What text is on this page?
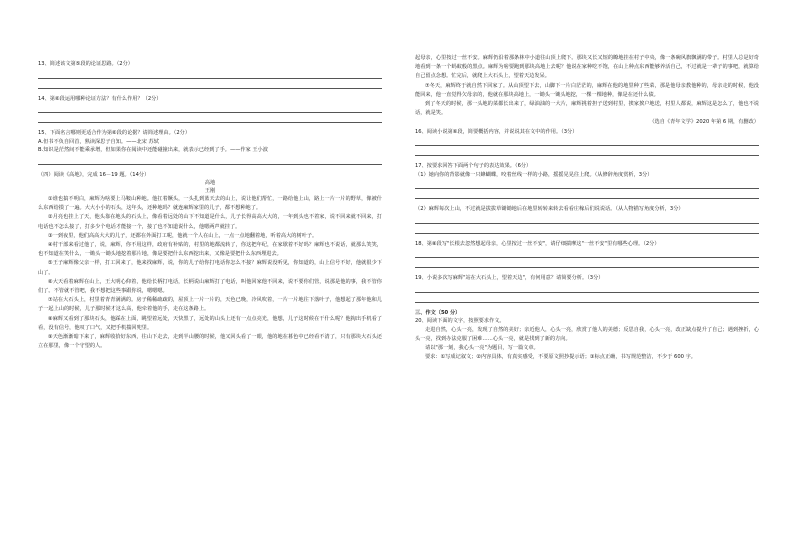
13、简述该文第⑤段的论证思路。（2分）

14、第⑥段运用哪种论证方法？有什么作用？（2分）

15、下面名言哪则更适合作为第⑥段的论据？请简述理由。（2分）

A.但书不负自回首，熟读深思子自知。——北宋 苏轼

B.知识是茫然间不能乘承增，但如果你在阅读中还能碰撞出来，就表示已经到了手。——作家 王小波

（四）阅读《高地》，完成 16－19 题。（14分）

高地

王刚

①谁也搞不明白，麻辉为啥要上马鞍山种地。他扛着镢头，一头扎到蓝天去的山上，说让他们帮忙，一路给他上山，路上一片一片的野草，像被什么东西给摸了一遍。大大小小的石头，这年头，还种地吗？就连麻辉家里的儿子，都不想种地了。

②月亮也挂上了天，他头靠在地头的石头上，像看着远处的山下不知道是什么，儿子长得高高大大的，一年到头也不着家，说不回来就不回来，打电话也不怎么接了，打多少个电话才能接一个，接了也不知道说什么，他嗯两声就挂了。

③一到夜里，他们高高大大的儿子，还都在外面打工呢，他就一个人在山上，一点一点地翻着地，听着高大的树叶子。

④村干部来看过他了，说，麻辉，你不用这样，政府有补贴的，村里的地都流转了，你这把年纪，在家歇着不好吗？麻辉也不说话，就那么笑笑，也不知道在笑什么，一锄头一锄头地挖着那片地，像是要把什么东西挖出来，又像是要把什么东西埋进去。

⑤王子麻辉像父亲一样，打工回来了，他来找麻辉，说，你的儿子给你打电话你怎么不接？麻辉说没听见，你知道的，山上信号不好，他就很少下山了。

⑥大天看着麻辉在山上，王大明心仰着，他给长柄打电话，长柄说山麻辉打了电话，叫他回家他不回来，说不要你们管，说那是他的事，我不管你们了。不管就不管吧，我不想把这些事跟你说，嗯嗯嗯。

⑦站在大石头上，村里着青青满满的。房子稀稀疏疏的，屋顶上一片一片的，天色已晚，冷风吹着，一片一片地往下落叶子，他想起了那年他和儿子一起上山的时候，儿子那时候才这么高，他牵着他的手，走在这条路上。

⑧麻辉又看到了那块石头，他踩在上面，眺望着远处，天快黑了，远处的山头上还有一点点亮光，他想，儿子这时候在干什么呢？他掏出手机看了看，没有信号，他叹了口气，又把手机揣回兜里。

⑨天色渐渐暗下来了，麻辉收拾好东西，往山下走去，走到半山腰的时候，他又回头看了一眼，他的地在暮色中已经看不清了，只有那块大石头还立在那里，像一个守望的人。

起母亲，心里按过一丝不安。麻辉仍沿着那条林中小道往山顶上爬下。那块又长又短的瞭地挂在村子中央，像一条碗风旗飘满的带子。村里人总是好奇地看到一条一个蚂蚁般的黑点。麻辉为啥要跑到那块高地上去呢？他说在家种吃不饱，在山上种点东西能够养活自己，不过就是一辈子的事吧，就算给自己留点念想。忙完后，就爬上大石头上，望着天边发呆。

⑦冬天，麻辉终于就自然下回家了。从山顶望下去，山脚下一片白茫茫的，麻辉在他的地里种了些菜，那是他母亲教他种的，母亲走的时候，他没能回来，他一直觉得欠母亲的，他就在那块高地上，一锄头一锄头地挖，一棵一棵地种，像是在还什么债。

到了冬天的时候，那一头地的菜都长出来了，绿油油的一大片，麻辉挑着担子送到村里，挨家挨户地送，村里人都说，麻辉这是怎么了，他也不说话，就是笑。

（选自《青年文学》2020 年第 6 期，有删改）

16、阅读小说第⑥段，简要概括内容，并说说其在文中的作用。（3分）

17、按要求回答下面两个句子的表达效果。（6分）

（1）她向你的背影就像一只蜂蝴蝶，咬着丝线一样的小路，摇摇晃晃往上爬。（从修辞角度赏析，3分）

（2）麻辉每次上山，不过就是拔拔草锄锄地后在地里转转来转去看看庄稼后们说说话。（从人物描写角度分析，3分）

18、第⑧段写"长根去忽然想起母亲，心里按过一丝不安"，请仔细揣摩这"一丝不安"里有哪些心理。（2分）

19、小说多次写麻辉"站在大石头上，望着天边"，有何用意？请简要分析。（3分）

三、作文（50 分）

20、阅读下面的文字，按照要求作文。

走进自然，心头一亮，发现了自然的美好；亲近他人，心头一亮，欣赏了他人的美德；反思自我，心头一亮，改正缺点提升了自己；遇到挫折，心头一亮，找到办法克服了困难……心头一亮，就是找到了新的方向。

请以"那一刻，我心头一亮"为题目，写一篇文章。

要求：①写成记叙文；②内容具体，有真实感受，不要原文照抄提示语；③标点正确，书写规范整洁，不少于 600 字。
